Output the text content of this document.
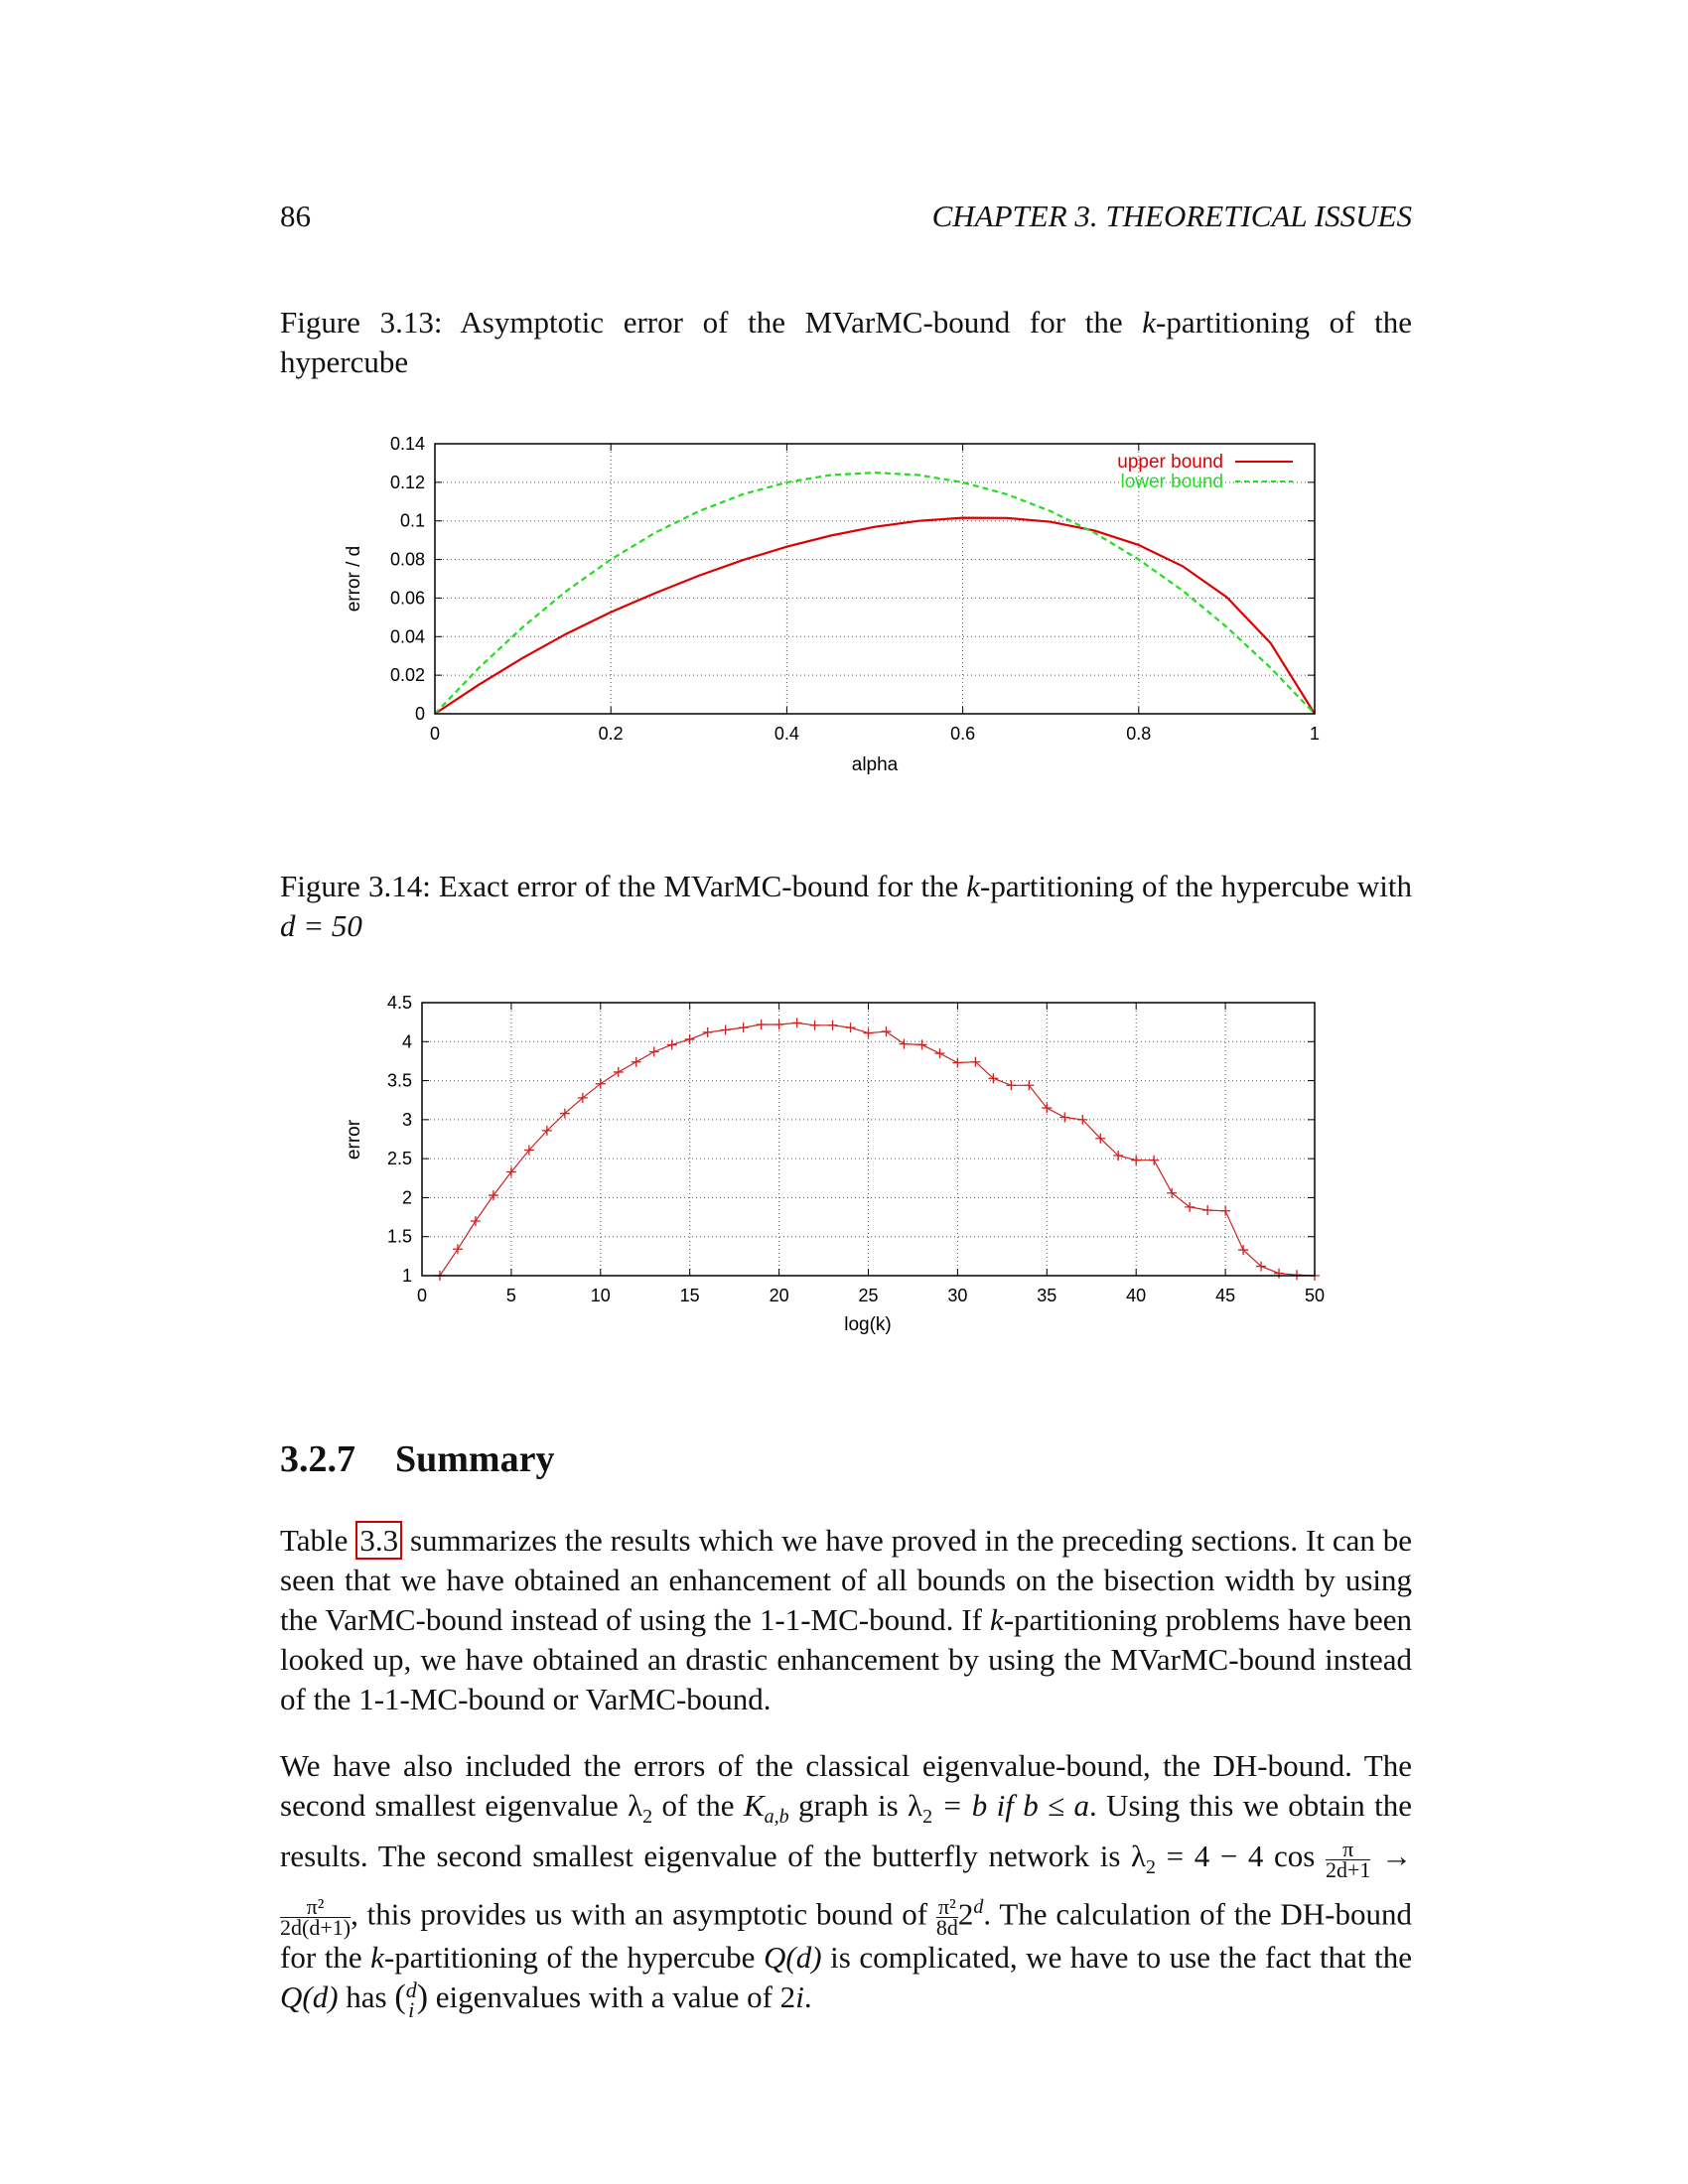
86	CHAPTER 3. THEORETICAL ISSUES
Figure 3.13: Asymptotic error of the MVarMC-bound for the k-partitioning of the hypercube
0	0.2	0.4	0.6	0.8	1
0
0.02
0.04
0.06
0.08
0.1
0.12
0.14
alpha
error / d
upper bound
lower bound
Figure 3.14: Exact error of the MVarMC-bound for the k-partitioning of the hypercube with d = 50
0	5	10	15	20	25	30	35	40	45	50
1
1.5
2
2.5
3
3.5
4
4.5
log(k)
error
3.2.7 Summary

Table 3.3 summarizes the results which we have proved in the preceding sections. It can be seen that we have obtained an enhancement of all bounds on the bisection width by using the VarMC-bound instead of using the 1-1-MC-bound. If k-partitioning problems have been looked up, we have obtained an drastic enhancement by using the MVarMC-bound instead of the 1-1-MC-bound or VarMC-bound.

We have also included the errors of the classical eigenvalue-bound, the DH-bound. The second smallest eigenvalue $\lambda_2$ of the $K_{a,b}$ graph is $\lambda_2 = b$ if b ≤ a. Using this we obtain the results. The second smallest eigenvalue of the butterfly network is $\lambda_2 = 4 - 4$ $\cos \frac{\pi}{2d+1}$ →
$\frac{\text{π²}}{2d(d+1)}$ , this provides us with an asymptotic bound of $\frac{\text{π²}}{8d} 2^d$. The calculation of the DH-bound for the k-partitioning of the hypercube Q(d) is complicated, we have to use the fact that the Q(d) has ( d
i ) eigenvalues with a value of 2i.
